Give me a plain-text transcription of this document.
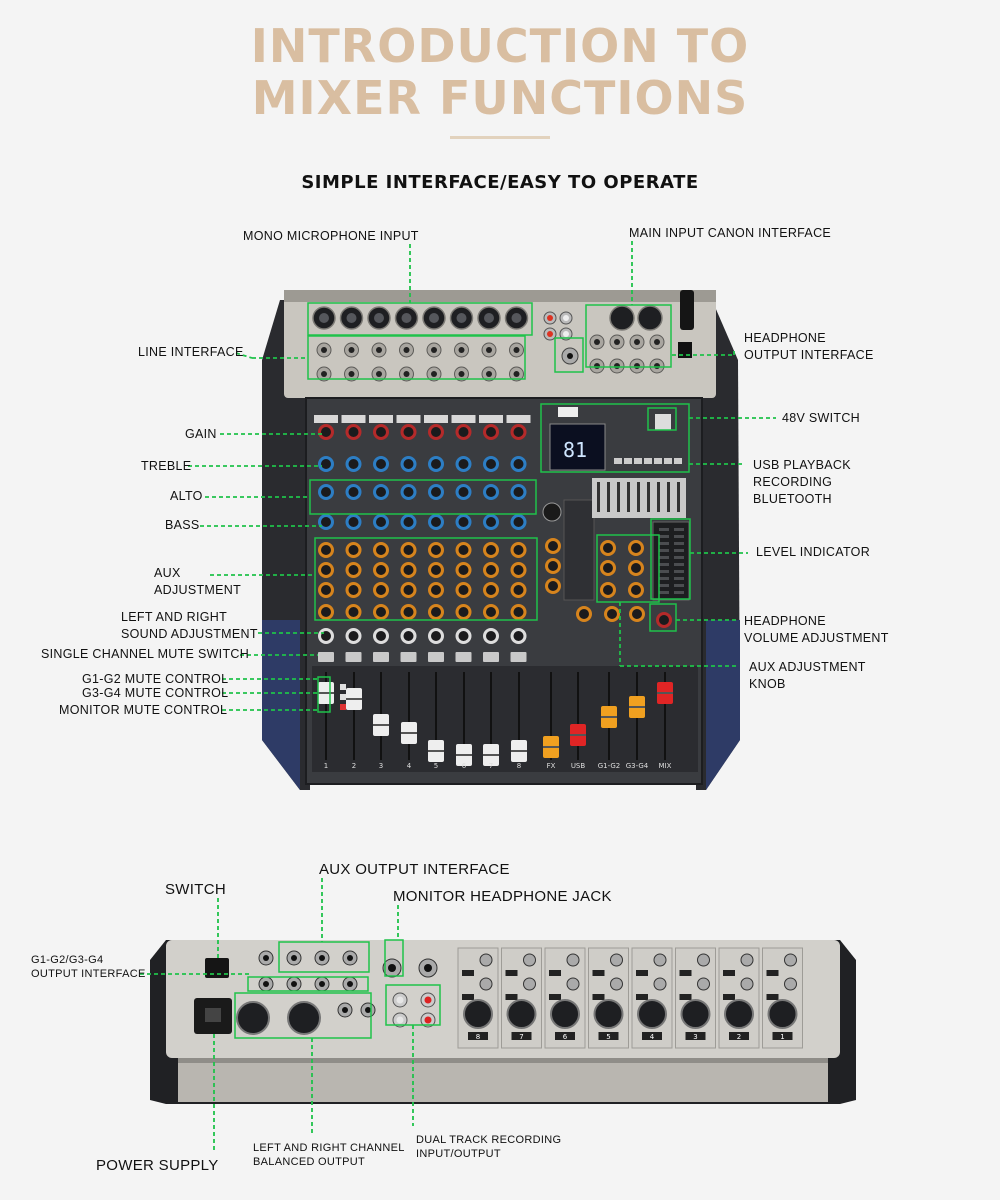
INTRODUCTION TO
MIXER FUNCTIONS
SIMPLE INTERFACE/EASY TO OPERATE
81
1	2	3	4	5	6	7	8	FX USB G1-G2 G3-G4 MIX
8	7	6	5	4	3	2	1
MONO MICROPHONE INPUT	MAIN INPUT CANON INTERFACE
LINE INTERFACE
HEADPHONE
OUTPUT INTERFACE
GAIN
48V SWITCH
TREBLE	USB PLAYBACK
RECORDING
BLUETOOTH
ALTO
BASS
LEVEL INDICATOR
AUX
ADJUSTMENT
LEFT AND RIGHT
SOUND ADJUSTMENT
HEADPHONE
VOLUME ADJUSTMENT
SINGLE CHANNEL MUTE SWITCH
AUX ADJUSTMENT
KNOB
G1-G2 MUTE CONTROL
G3-G4 MUTE CONTROL
MONITOR MUTE CONTROL
AUX OUTPUT INTERFACE
SWITCH	MONITOR HEADPHONE JACK
G1-G2/G3-G4
OUTPUT INTERFACE
LEFT AND RIGHT CHANNEL
BALANCED OUTPUT
DUAL TRACK RECORDING
INPUT/OUTPUT
POWER SUPPLY
